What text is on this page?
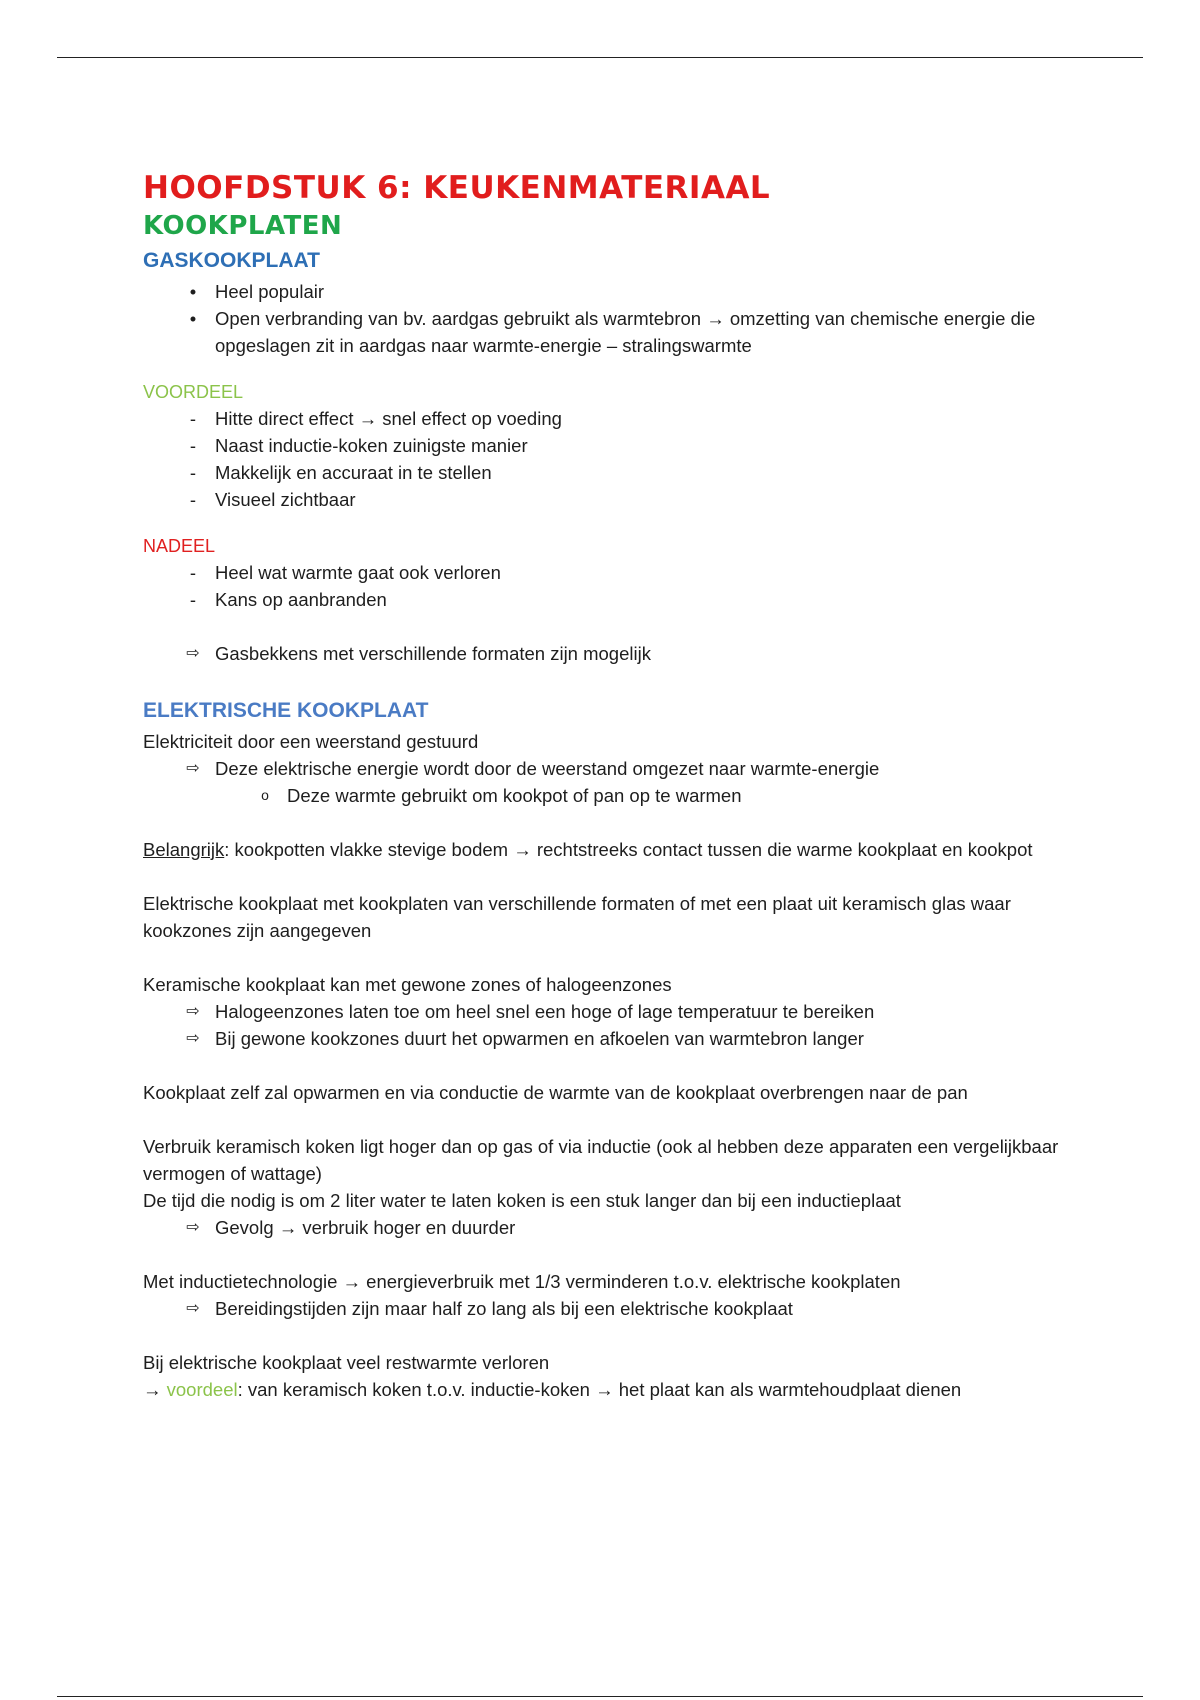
HOOFDSTUK 6: KEUKENMATERIAAL
KOOKPLATEN
GASKOOKPLAAT
•	Heel populair
•	Open verbranding van bv. aardgas gebruikt als warmtebron → omzetting van chemische energie die opgeslagen zit in aardgas naar warmte-energie – stralingswarmte
VOORDEEL
-	Hitte direct effect → snel effect op voeding
-	Naast inductie-koken zuinigste manier
-	Makkelijk en accuraat in te stellen
-	Visueel zichtbaar
NADEEL
-	Heel wat warmte gaat ook verloren
-	Kans op aanbranden
⇨ Gasbekkens met verschillende formaten zijn mogelijk
ELEKTRISCHE KOOKPLAAT

Elektriciteit door een weerstand gestuurd

⇨ Deze elektrische energie wordt door de weerstand omgezet naar warmte-energie
o Deze warmte gebruikt om kookpot of pan op te warmen

Belangrijk: kookpotten vlakke stevige bodem → rechtstreeks contact tussen die warme kookplaat en kookpot

Elektrische kookplaat met kookplaten van verschillende formaten of met een plaat uit keramisch glas waar kookzones zijn aangegeven

Keramische kookplaat kan met gewone zones of halogeenzones

⇨ Halogeenzones laten toe om heel snel een hoge of lage temperatuur te bereiken
⇨ Bij gewone kookzones duurt het opwarmen en afkoelen van warmtebron langer

Kookplaat zelf zal opwarmen en via conductie de warmte van de kookplaat overbrengen naar de pan

Verbruik keramisch koken ligt hoger dan op gas of via inductie (ook al hebben deze apparaten een vergelijkbaar vermogen of wattage)

De tijd die nodig is om 2 liter water te laten koken is een stuk langer dan bij een inductieplaat

⇨ Gevolg → verbruik hoger en duurder

Met inductietechnologie → energieverbruik met 1/3 verminderen t.o.v. elektrische kookplaten

⇨ Bereidingstijden zijn maar half zo lang als bij een elektrische kookplaat

Bij elektrische kookplaat veel restwarmte verloren

→ voordeel: van keramisch koken t.o.v. inductie-koken → het plaat kan als warmtehoudplaat dienen
